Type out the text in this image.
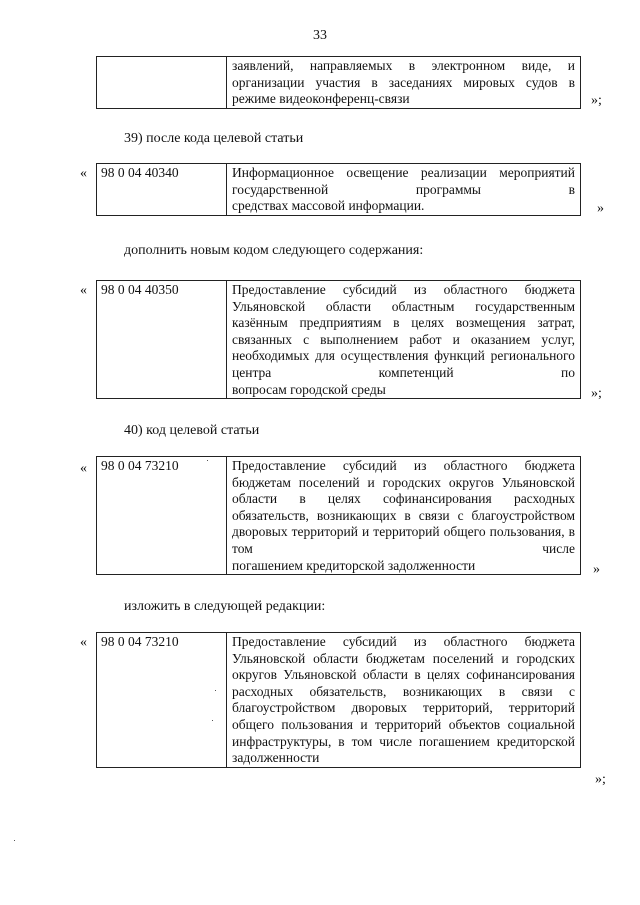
33
	заявлений, направляемых в электронном виде, и организации участия в заседаниях мировых судов в
режиме видеоконференц-связи	»;
39) после кода целевой статьи
« 98 0 04 40340	Информационное освещение реализации мероприятий государственной программы в
средствах массовой информации.	»
дополнить новым кодом следующего содержания:
« 98 0 04 40350	Предоставление субсидий из областного бюджета Ульяновской области областным государственным казённым предприятиям в целях возмещения затрат, связанных с выполнением работ и оказанием услуг, необходимых для осуществления функций регионального центра компетенций по
вопросам городской среды	»;
40) код целевой статьи
« 98 0 04 73210	Предоставление субсидий из областного бюджета бюджетам поселений и городских округов Ульяновской области в целях софинансирования расходных обязательств, возникающих в связи с благоустройством дворовых территорий и территорий общего пользования, в том числе
погашением кредиторской задолженности	»
изложить в следующей редакции:
« 98 0 04 73210	Предоставление субсидий из областного бюджета Ульяновской области бюджетам поселений и городских округов Ульяновской области в целях софинансирования расходных обязательств, возникающих в связи с благоустройством дворовых территорий, территорий общего пользования и территорий объектов социальной инфраструктуры, в том числе погашением кредиторской
задолженности
»;
